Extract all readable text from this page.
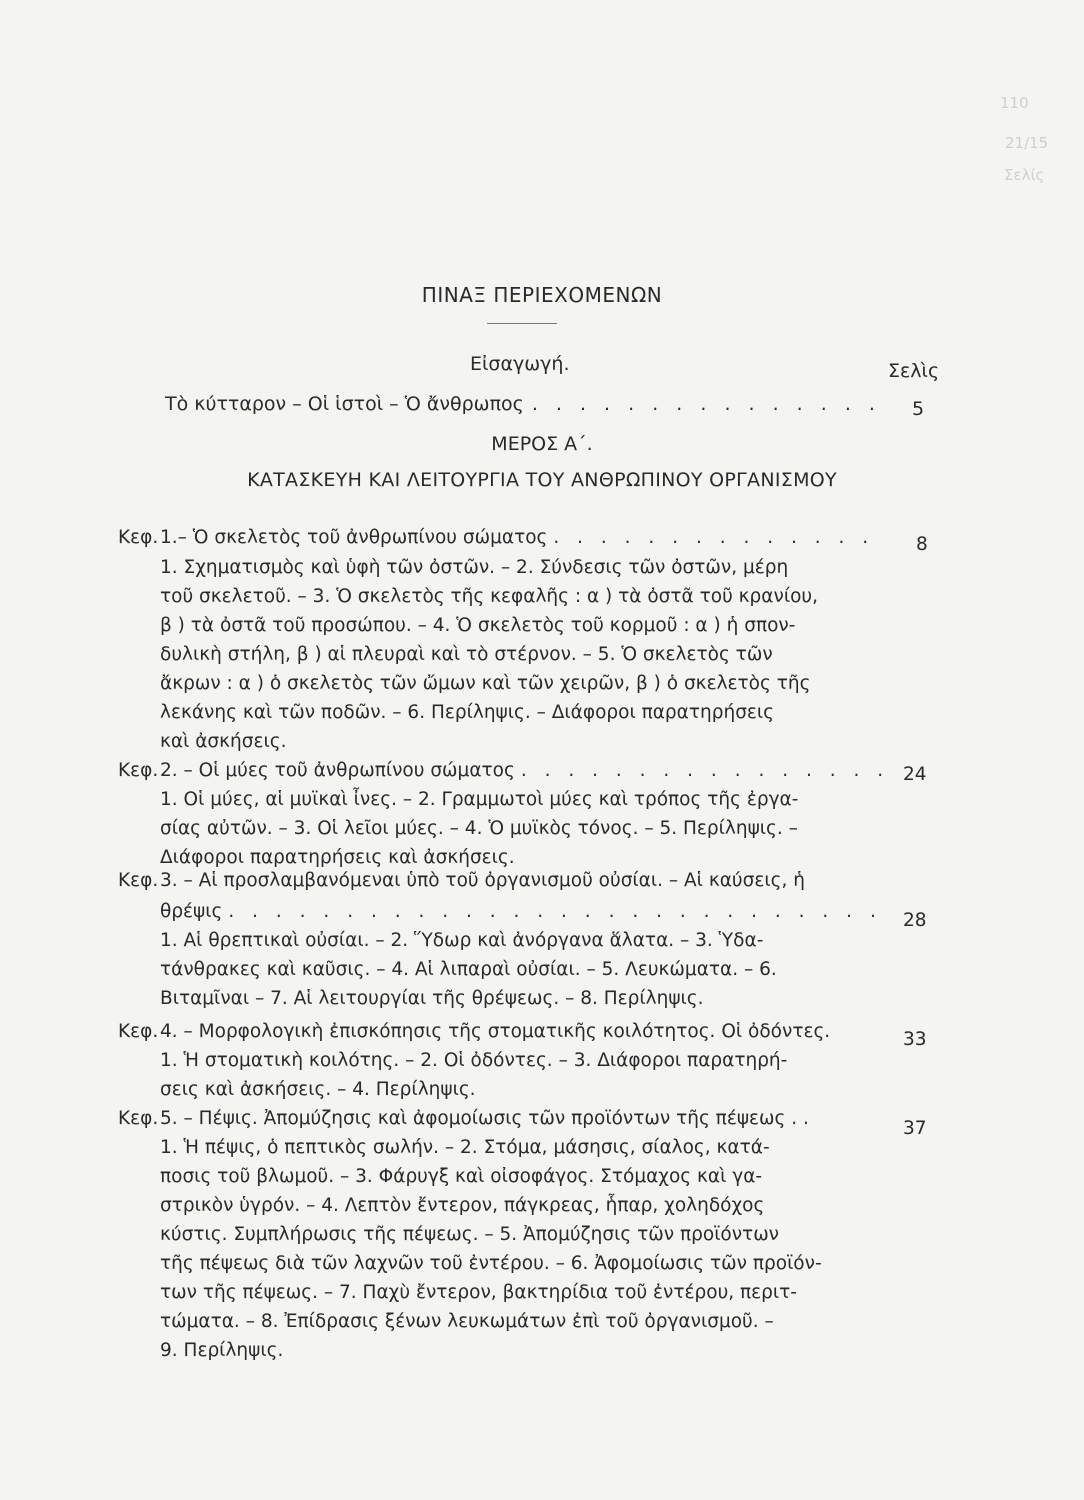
110
21/15
Σελίς
ΠΙΝΑΞ ΠΕΡΙΕΧΟΜΕΝΩΝ
Εἰσαγωγή.	Σελὶς
Τὸ κύτταρον – Οἱ ἱστοὶ – Ὁ ἄνθρωπος . . .	5
ΜΕΡΟΣ Α΄.
ΚΑΤΑΣΚΕΥΗ ΚΑΙ ΛΕΙΤΟΥΡΓΙΑ ΤΟΥ ΑΝΘΡΩΠΙΝΟΥ ΟΡΓΑΝΙΣΜΟΥ
Κεφ. 1.– Ὁ σκελετὸς τοῦ ἀνθρωπίνου σώματος . . .	8
1. Σχηματισμὸς καὶ ὑφὴ τῶν ὀστῶν. – 2. Σύνδεσις τῶν ὀστῶν, μέρη
τοῦ σκελετοῦ. – 3. Ὁ σκελετὸς τῆς κεφαλῆς : α ) τὰ ὀστᾶ τοῦ κρανίου,
β ) τὰ ὀστᾶ τοῦ προσώπου. – 4. Ὁ σκελετὸς τοῦ κορμοῦ : α ) ἡ σπον-
δυλικὴ στήλη, β ) αἱ πλευραὶ καὶ τὸ στέρνον. – 5. Ὁ σκελετὸς τῶν
ἄκρων : α ) ὁ σκελετὸς τῶν ὤμων καὶ τῶν χειρῶν, β ) ὁ σκελετὸς τῆς
λεκάνης καὶ τῶν ποδῶν. – 6. Περίληψις. – Διάφοροι παρατηρήσεις
καὶ ἀσκήσεις.
Κεφ. 2. – Οἱ μύες τοῦ ἀνθρωπίνου σώματος . . .	24
1. Οἱ μύες, αἱ μυϊκαὶ ἶνες. – 2. Γραμμωτοὶ μύες καὶ τρόπος τῆς ἐργα-
σίας αὐτῶν. – 3. Οἱ λεῖοι μύες. – 4. Ὁ μυϊκὸς τόνος. – 5. Περίληψις. –
Διάφοροι παρατηρήσεις καὶ ἀσκήσεις.
Κεφ. 3. – Αἱ προσλαμβανόμεναι ὑπὸ τοῦ ὀργανισμοῦ οὐσίαι. – Αἱ καύσεις, ἡ
θρέψις . . .	28
1. Αἱ θρεπτικαὶ οὐσίαι. – 2. Ὕδωρ καὶ ἀνόργανα ἅλατα. – 3. Ὑδα-
τάνθρακες καὶ καῦσις. – 4. Αἱ λιπαραὶ οὐσίαι. – 5. Λευκώματα. – 6.
Βιταμῖναι – 7. Αἱ λειτουργίαι τῆς θρέψεως. – 8. Περίληψις.
Κεφ. 4. – Μορφολογικὴ ἐπισκόπησις τῆς στοματικῆς κοιλότητος. Οἱ ὀδόντες.	33
1. Ἡ στοματικὴ κοιλότης. – 2. Οἱ ὀδόντες. – 3. Διάφοροι παρατηρή-
σεις καὶ ἀσκήσεις. – 4. Περίληψις.
Κεφ. 5. – Πέψις. Ἀπομύζησις καὶ ἀφομοίωσις τῶν προϊόντων τῆς πέψεως . .	37
1. Ἡ πέψις, ὁ πεπτικὸς σωλήν. – 2. Στόμα, μάσησις, σίαλος, κατά-
ποσις τοῦ βλωμοῦ. – 3. Φάρυγξ καὶ οἰσοφάγος. Στόμαχος καὶ γα-
στρικὸν ὑγρόν. – 4. Λεπτὸν ἔντερον, πάγκρεας, ἧπαρ, χοληδόχος
κύστις. Συμπλήρωσις τῆς πέψεως. – 5. Ἀπομύζησις τῶν προϊόντων
τῆς πέψεως διὰ τῶν λαχνῶν τοῦ ἐντέρου. – 6. Ἀφομοίωσις τῶν προϊόν-
των τῆς πέψεως. – 7. Παχὺ ἔντερον, βακτηρίδια τοῦ ἐντέρου, περιτ-
τώματα. – 8. Ἐπίδρασις ξένων λευκωμάτων ἐπὶ τοῦ ὀργανισμοῦ. –
9. Περίληψις.
